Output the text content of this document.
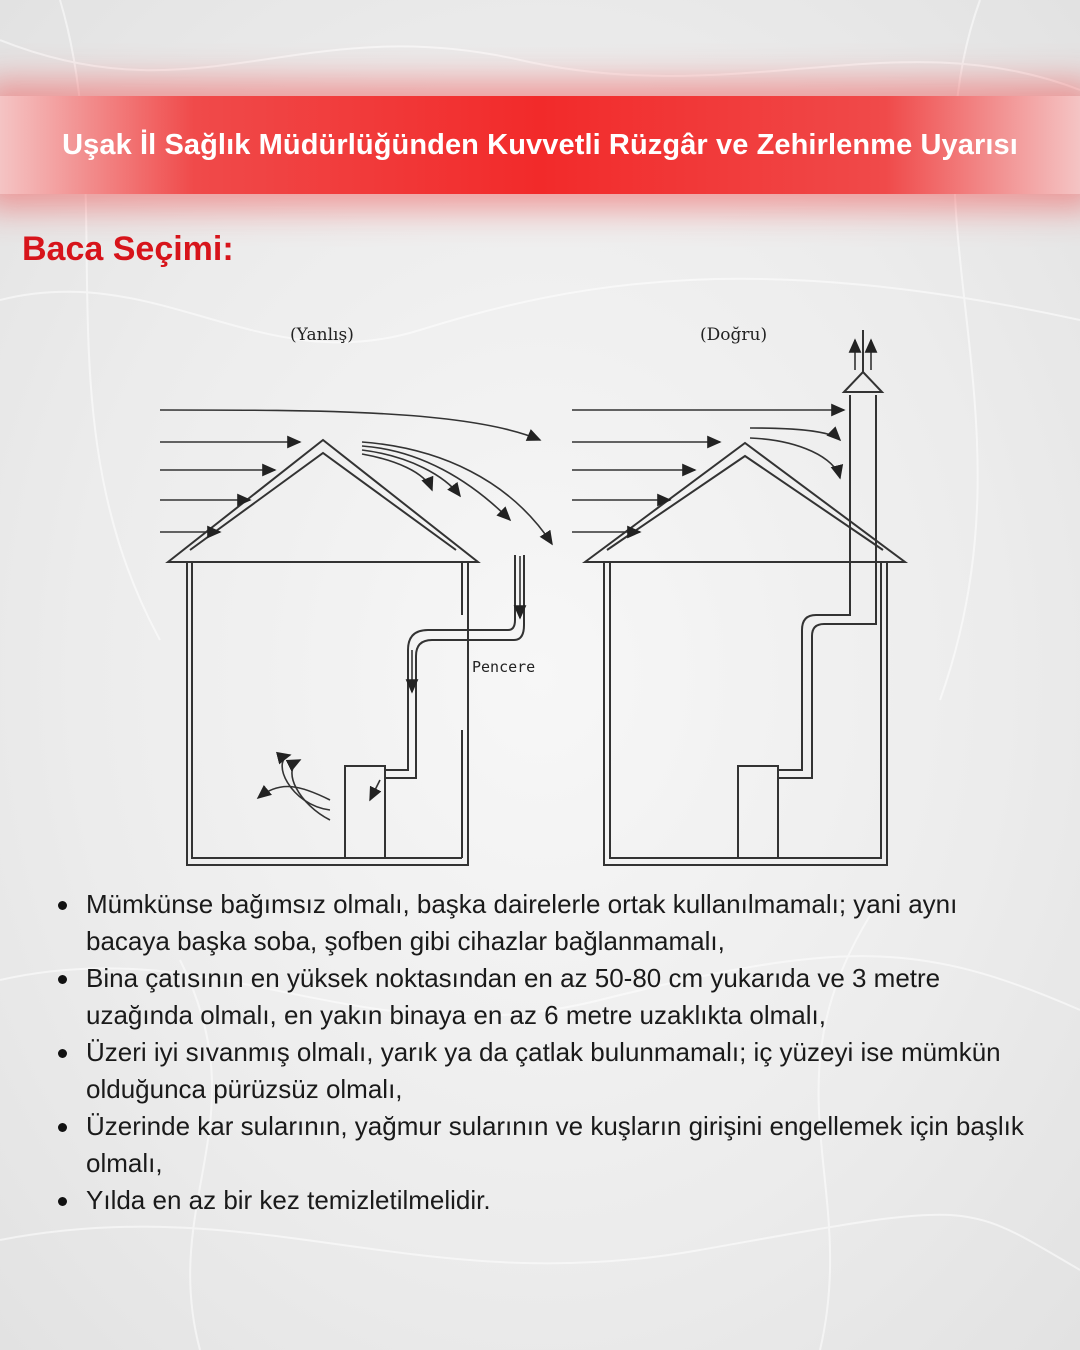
Uşak İl Sağlık Müdürlüğünden Kuvvetli Rüzgâr ve Zehirlenme Uyarısı
Baca Seçimi:
(Yanlış)	(Doğru)
Pencere
Mümkünse bağımsız olmalı, başka dairelerle ortak kullanılmamalı; yani aynı bacaya başka soba, şofben gibi cihazlar bağlanmamalı,
Bina çatısının en yüksek noktasından en az 50-80 cm yukarıda ve 3 metre uzağında olmalı, en yakın binaya en az 6 metre uzaklıkta olmalı,
Üzeri iyi sıvanmış olmalı, yarık ya da çatlak bulunmamalı; iç yüzeyi ise mümkün olduğunca pürüzsüz olmalı,
Üzerinde kar sularının, yağmur sularının ve kuşların girişini engellemek için başlık olmalı,
Yılda en az bir kez temizletilmelidir.
